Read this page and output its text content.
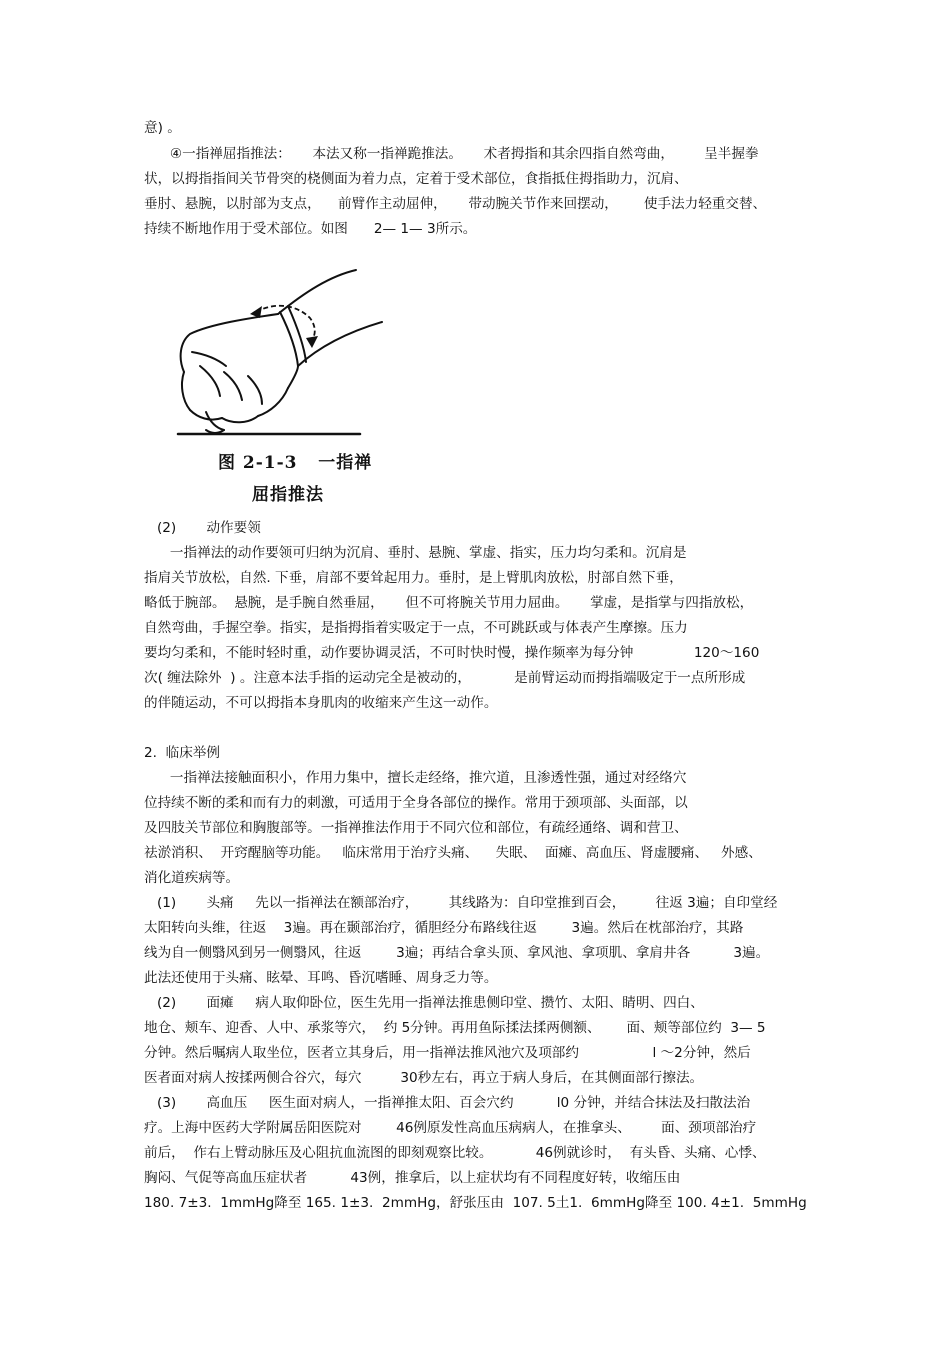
意) 。

④一指禅屈指推法：     本法又称一指禅跪推法。     术者拇指和其余四指自然弯曲，       呈半握拳

状，以拇指指间关节骨突的桡侧面为着力点，定着于受术部位，食指抵住拇指助力，沉肩、

垂肘、悬腕，以肘部为支点，    前臂作主动屈伸，     带动腕关节作来回摆动，      使手法力轻重交替、

持续不断地作用于受术部位。如图      2— 1— 3所示。

图 2-1-3   一指禅

屈指推法

(2)       动作要领

一指禅法的动作要领可归纳为沉肩、垂肘、悬腕、掌虚、指实，压力均匀柔和。沉肩是

指肩关节放松，自然. 下垂，肩部不要耸起用力。垂肘，是上臂肌肉放松，肘部自然下垂，

略低于腕部。  悬腕，是手腕自然垂屈，     但不可将腕关节用力屈曲。     掌虚，是指掌与四指放松，

自然弯曲，手握空拳。指实，是指拇指着实吸定于一点，不可跳跃或与体表产生摩擦。压力

要均匀柔和，不能时轻时重，动作要协调灵活，不可时快时慢，操作频率为每分钟              120～160

次( 缠法除外  ) 。注意本法手指的运动完全是被动的，          是前臂运动而拇指端吸定于一点所形成

的伴随运动，不可以拇指本身肌肉的收缩来产生这一动作。

2.  临床举例

一指禅法接触面积小，作用力集中，擅长走经络，推穴道，且渗透性强，通过对经络穴

位持续不断的柔和而有力的刺激，可适用于全身各部位的操作。常用于颈项部、头面部，以

及四肢关节部位和胸腹部等。一指禅推法作用于不同穴位和部位，有疏经通络、调和营卫、

祛淤消积、  开窍醒脑等功能。   临床常用于治疗头痛、    失眠、  面瘫、高血压、肾虚腰痛、   外感、

消化道疾病等。

(1)       头痛     先以一指禅法在额部治疗，       其线路为：自印堂推到百会，       往返 3遍；自印堂经

太阳转向头维，往返    3遍。再在颞部治疗，循胆经分布路线往返        3遍。然后在枕部治疗，其路

线为自一侧翳风到另一侧翳风，往返        3遍；再结合拿头顶、拿风池、拿项肌、拿肩井各          3遍。

此法还使用于头痛、眩晕、耳鸣、昏沉嗜睡、周身乏力等。

(2)       面瘫     病人取仰卧位，医生先用一指禅法推患侧印堂、攒竹、太阳、睛明、四白、

地仓、颊车、迎香、人中、承浆等穴，  约 5分钟。再用鱼际揉法揉两侧额、      面、颊等部位约  3— 5

分钟。然后嘱病人取坐位，医者立其身后，用一指禅法推风池穴及项部约                 l ～2分钟，然后

医者面对病人按揉两侧合谷穴，每穴         30秒左右，再立于病人身后，在其侧面部行擦法。

(3)       高血压     医生面对病人，一指禅推太阳、百会穴约          l0 分钟，并结合抹法及扫散法治

疗。上海中医药大学附属岳阳医院对        46例原发性高血压病病人，在推拿头、       面、颈项部治疗

前后，  作右上臂动脉压及心阻抗血流图的即刻观察比较。          46例就诊时，  有头昏、头痛、心悸、

胸闷、气促等高血压症状者          43例，推拿后，以上症状均有不同程度好转，收缩压由

180. 7±3.  1mmHg降至 165. 1±3.  2mmHg，舒张压由  107. 5土1.  6mmHg降至 100. 4±1.  5mmHg
